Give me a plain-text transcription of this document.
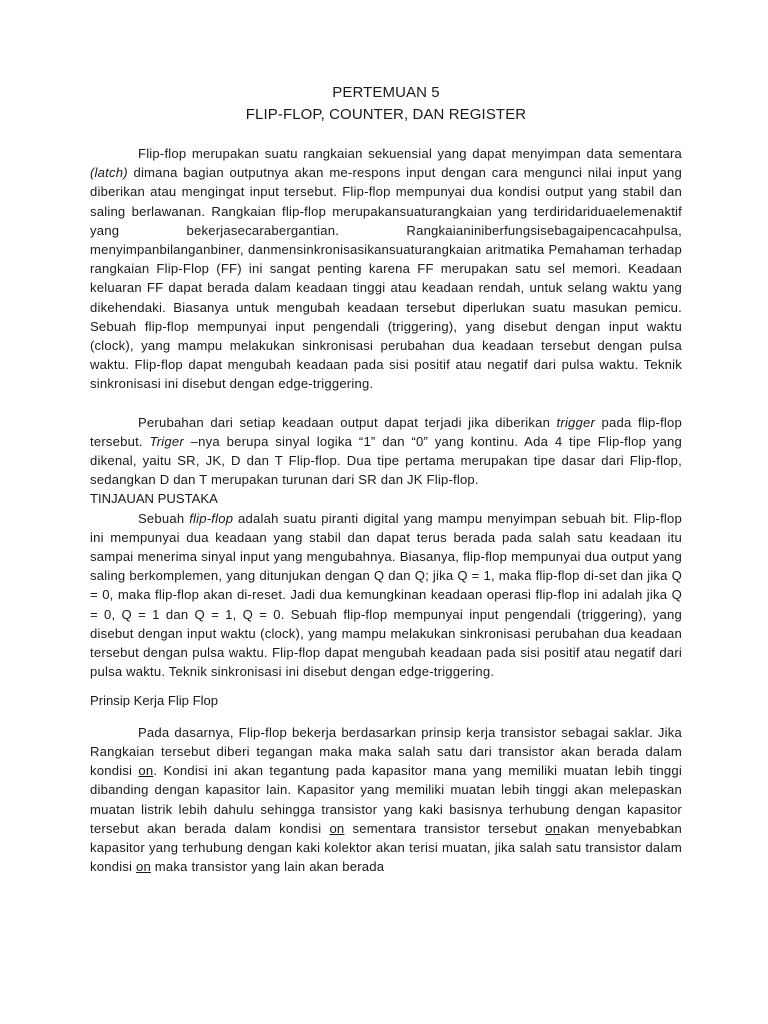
PERTEMUAN 5
FLIP-FLOP, COUNTER, DAN REGISTER

Flip-flop merupakan suatu rangkaian sekuensial yang dapat menyimpan data sementara (latch) dimana bagian outputnya akan me-respons input dengan cara mengunci nilai input yang diberikan atau mengingat input tersebut. Flip-flop mempunyai dua kondisi output yang stabil dan saling berlawanan. Rangkaian flip-flop merupakansuaturangkaian yang terdiridariduaelemenaktif yang bekerjasecarabergantian. Rangkaianiniberfungsisebagaipencacahpulsa, menyimpanbilanganbiner, danmensinkronisasikansuaturangkaian aritmatika Pemahaman terhadap rangkaian Flip-Flop (FF) ini sangat penting karena FF merupakan satu sel memori. Keadaan keluaran FF dapat berada dalam keadaan tinggi atau keadaan rendah, untuk selang waktu yang dikehendaki. Biasanya untuk mengubah keadaan tersebut diperlukan suatu masukan pemicu. Sebuah flip-flop mempunyai input pengendali (triggering), yang disebut dengan input waktu (clock), yang mampu melakukan sinkronisasi perubahan dua keadaan tersebut dengan pulsa waktu. Flip-flop dapat mengubah keadaan pada sisi positif atau negatif dari pulsa waktu. Teknik sinkronisasi ini disebut dengan edge-triggering.

Perubahan dari setiap keadaan output dapat terjadi jika diberikan trigger pada flip-flop tersebut. Triger –nya berupa sinyal logika “1” dan “0” yang kontinu. Ada 4 tipe Flip-flop yang dikenal, yaitu SR, JK, D dan T Flip-flop. Dua tipe pertama merupakan tipe dasar dari Flip-flop, sedangkan D dan T merupakan turunan dari SR dan JK Flip-flop.

TINJAUAN PUSTAKA

Sebuah flip-flop adalah suatu piranti digital yang mampu menyimpan sebuah bit. Flip-flop ini mempunyai dua keadaan yang stabil dan dapat terus berada pada salah satu keadaan itu sampai menerima sinyal input yang mengubahnya. Biasanya, flip-flop mempunyai dua output yang saling berkomplemen, yang ditunjukan dengan Q dan Q; jika Q = 1, maka flip-flop di-set dan jika Q = 0, maka flip-flop akan di-reset. Jadi dua kemungkinan keadaan operasi flip-flop ini adalah jika Q = 0, Q = 1 dan Q = 1, Q = 0. Sebuah flip-flop mempunyai input pengendali (triggering), yang disebut dengan input waktu (clock), yang mampu melakukan sinkronisasi perubahan dua keadaan tersebut dengan pulsa waktu. Flip-flop dapat mengubah keadaan pada sisi positif atau negatif dari pulsa waktu. Teknik sinkronisasi ini disebut dengan edge-triggering.

Prinsip Kerja Flip Flop

Pada dasarnya, Flip-flop bekerja berdasarkan prinsip kerja transistor sebagai saklar. Jika Rangkaian tersebut diberi tegangan maka maka salah satu dari transistor akan berada dalam kondisi on. Kondisi ini akan tegantung pada kapasitor mana yang memiliki muatan lebih tinggi dibanding dengan kapasitor lain. Kapasitor yang memiliki muatan lebih tinggi akan melepaskan muatan listrik lebih dahulu sehingga transistor yang kaki basisnya terhubung dengan kapasitor tersebut akan berada dalam kondisi on sementara transistor tersebut onakan menyebabkan kapasitor yang terhubung dengan kaki kolektor akan terisi muatan, jika salah satu transistor dalam kondisi on maka transistor yang lain akan berada
